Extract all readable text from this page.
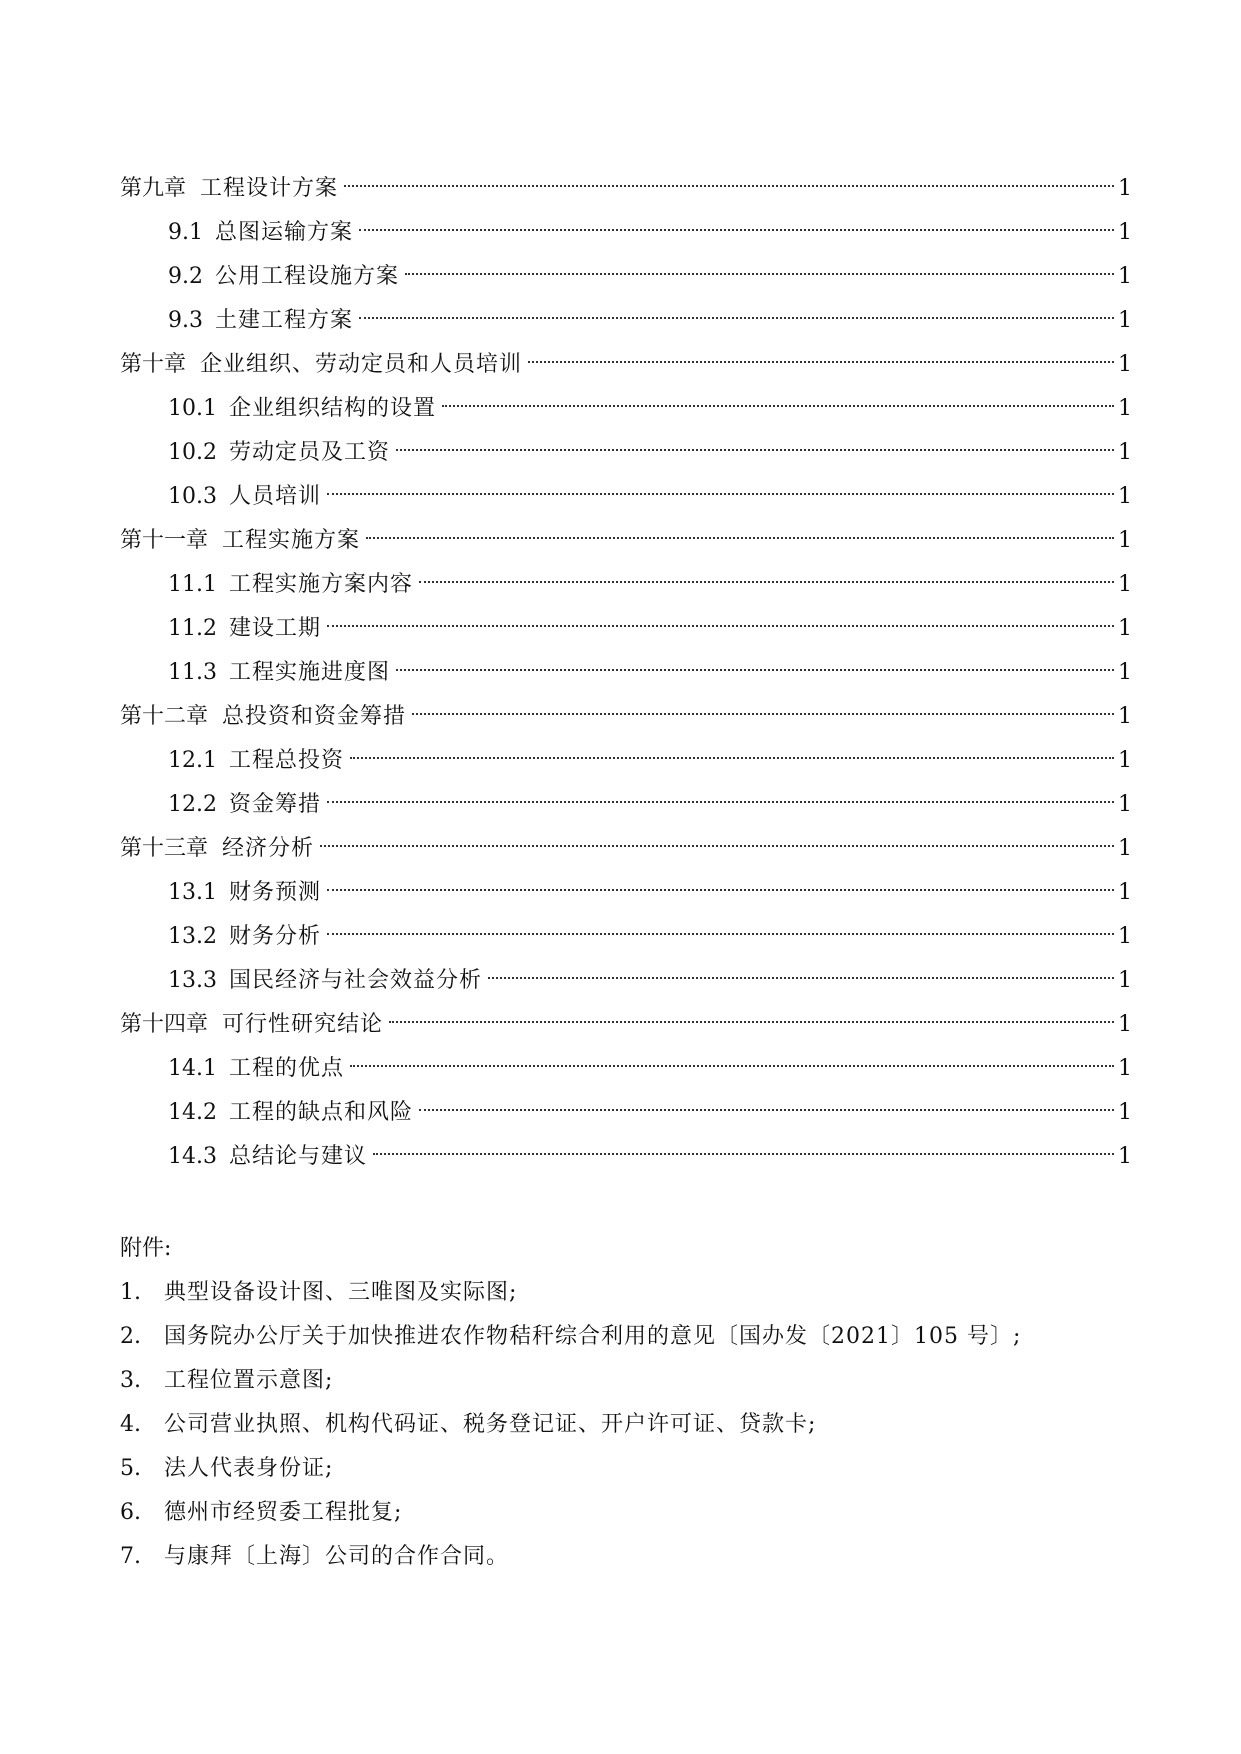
第九章 工程设计方案	1
9.1 总图运输方案	1
9.2 公用工程设施方案	1
9.3 土建工程方案	1
第十章 企业组织、劳动定员和人员培训	1
10.1 企业组织结构的设置	1
10.2 劳动定员及工资	1
10.3 人员培训	1
第十一章 工程实施方案	1
11.1 工程实施方案内容	1
11.2 建设工期	1
11.3 工程实施进度图	1
第十二章 总投资和资金筹措	1
12.1 工程总投资	1
12.2 资金筹措	1
第十三章 经济分析	1
13.1 财务预测	1
13.2 财务分析	1
13.3 国民经济与社会效益分析	1
第十四章 可行性研究结论	1
14.1 工程的优点	1
14.2 工程的缺点和风险	1
14.3 总结论与建议	1
附件:
1.	典型设备设计图、三唯图及实际图;
2.	国务院办公厅关于加快推进农作物秸秆综合利用的意见〔国办发〔2021〕105 号〕;
3.	工程位置示意图;
4.	公司营业执照、机构代码证、税务登记证、开户许可证、贷款卡;
5.	法人代表身份证;
6.	德州市经贸委工程批复;
7.	与康拜〔上海〕公司的合作合同。
